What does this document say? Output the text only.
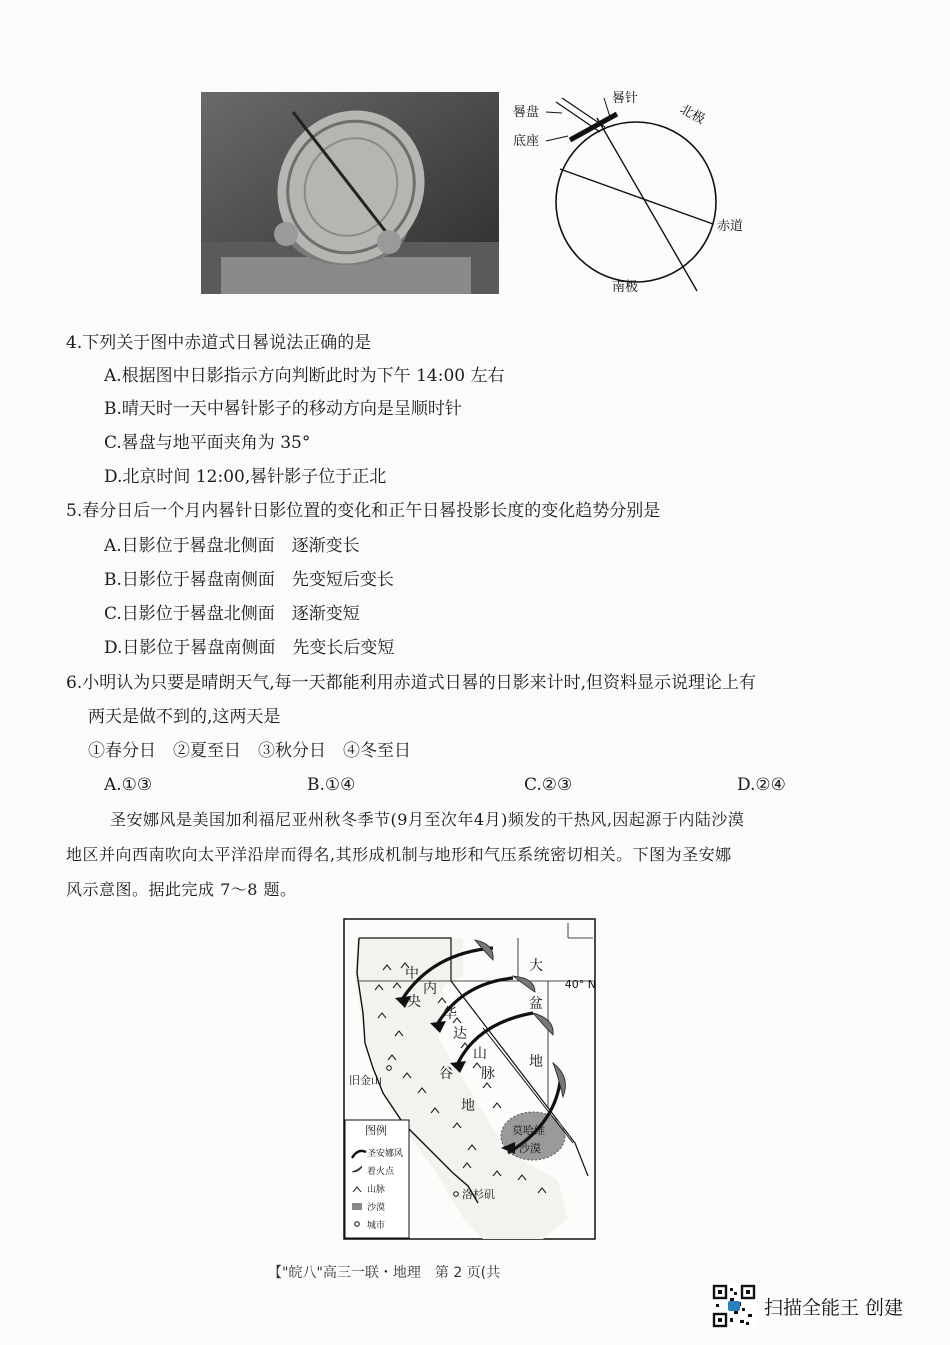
晷针
晷盘
底座
北极
赤道
南极
4.下列关于图中赤道式日晷说法正确的是
A.根据图中日影指示方向判断此时为下午 14:00 左右
B.晴天时一天中晷针影子的移动方向是呈顺时针
C.晷盘与地平面夹角为 35°
D.北京时间 12:00,晷针影子位于正北
5.春分日后一个月内晷针日影位置的变化和正午日晷投影长度的变化趋势分别是
A.日影位于晷盘北侧面　逐渐变长
B.日影位于晷盘南侧面　先变短后变长
C.日影位于晷盘北侧面　逐渐变短
D.日影位于晷盘南侧面　先变长后变短
6.小明认为只要是晴朗天气,每一天都能利用赤道式日晷的日影来计时,但资料显示说理论上有
两天是做不到的,这两天是
①春分日　②夏至日　③秋分日　④冬至日
A.①③	B.①④	C.②③	D.②④
圣安娜风是美国加利福尼亚州秋冬季节(9月至次年4月)频发的干热风,因起源于内陆沙漠
地区并向西南吹向太平洋沿岸而得名,其形成机制与地形和气压系统密切相关。下图为圣安娜
风示意图。据此完成 7～8 题。
40° N
大
盆
地
中
央
谷
地
内
华
达
山
脉
旧金山
洛杉矶
莫哈维
沙漠
图例
圣安娜风
着火点
山脉
沙漠
城市
【"皖八"高三一联・地理　第 2 页(共
扫描全能王 创建
